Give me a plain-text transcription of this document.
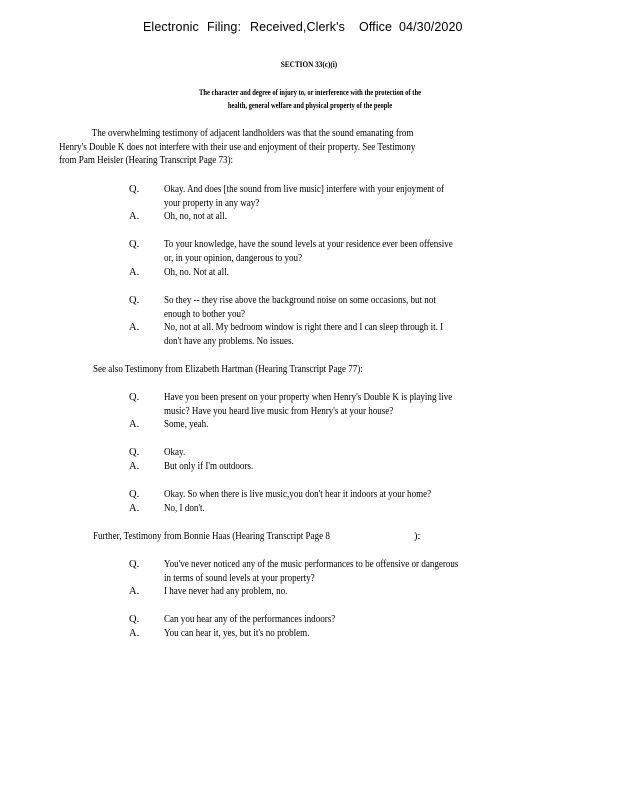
Electronic Filing: Received,Clerk's Office 04/30/2020
SECTION 33(c)(i)
The character and degree of injury to, or interference with the protection of the
health, general welfare and physical property of the people
The overwhelming testimony of adjacent landholders was that the sound emanating from
Henry's Double K does not interfere with their use and enjoyment of their property. See Testimony
from Pam Heisler (Hearing Transcript Page 73):
Q. Okay. And does [the sound from live music] interfere with your enjoyment of
your property in any way?
A. Oh, no, not at all.
Q. To your knowledge, have the sound levels at your residence ever been offensive
or, in your opinion, dangerous to you?
A. Oh, no. Not at all.
Q. So they -- they rise above the background noise on some occasions, but not
enough to bother you?
A. No, not at all. My bedroom window is right there and I can sleep through it. I
don't have any problems. No issues.
See also Testimony from Elizabeth Hartman (Hearing Transcript Page 77):
Q. Have you been present on your property when Henry's Double K is playing live
music? Have you heard live music from Henry's at your house?
A. Some, yeah.
Q. Okay.
A. But only if I'm outdoors.
Q. Okay. So when there is live music,you don't hear it indoors at your home?
A. No, I don't.
Further, Testimony from Bonnie Haas (Hearing Transcript Page 8	):
Q. You've never noticed any of the music performances to be offensive or dangerous
in terms of sound levels at your property?
A. I have never had any problem, no.
Q. Can you hear any of the performances indoors?
A. You can hear it, yes, but it's no problem.
